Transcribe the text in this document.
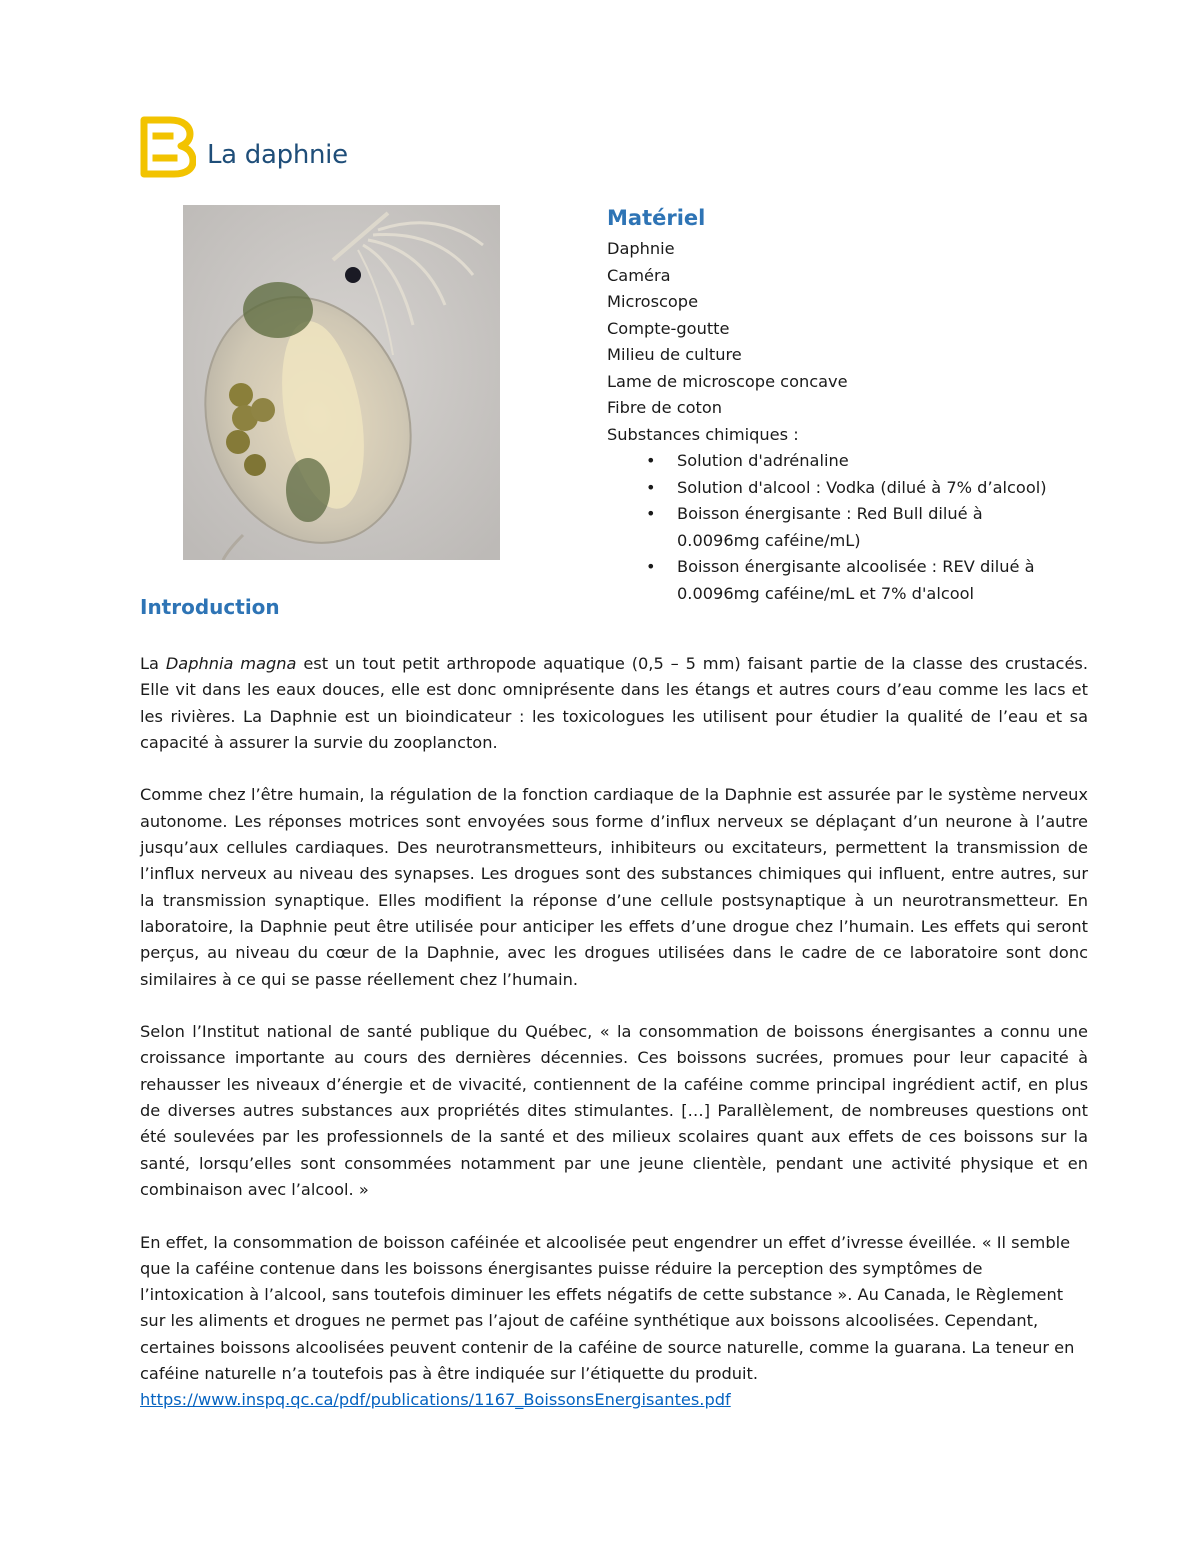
La daphnie
Matériel
Daphnie
Caméra
Microscope
Compte-goutte
Milieu de culture
Lame de microscope concave
Fibre de coton
Substances chimiques :
• Solution d'adrénaline
• Solution d'alcool : Vodka (dilué à 7% d’alcool)
• Boisson énergisante : Red Bull dilué à 0.0096mg caféine/mL)
• Boisson énergisante alcoolisée : REV dilué à 0.0096mg caféine/mL et 7% d'alcool
Introduction

La Daphnia magna est un tout petit arthropode aquatique (0,5 – 5 mm) faisant partie de la classe des crustacés. Elle vit dans les eaux douces, elle est donc omniprésente dans les étangs et autres cours d’eau comme les lacs et les rivières. La Daphnie est un bioindicateur : les toxicologues les utilisent pour étudier la qualité de l’eau et sa capacité à assurer la survie du zooplancton.

Comme chez l’être humain, la régulation de la fonction cardiaque de la Daphnie est assurée par le système nerveux autonome. Les réponses motrices sont envoyées sous forme d’influx nerveux se déplaçant d’un neurone à l’autre jusqu’aux cellules cardiaques. Des neurotransmetteurs, inhibiteurs ou excitateurs, permettent la transmission de l’influx nerveux au niveau des synapses. Les drogues sont des substances chimiques qui influent, entre autres, sur la transmission synaptique. Elles modifient la réponse d’une cellule postsynaptique à un neurotransmetteur. En laboratoire, la Daphnie peut être utilisée pour anticiper les effets d’une drogue chez l’humain. Les effets qui seront perçus, au niveau du cœur de la Daphnie, avec les drogues utilisées dans le cadre de ce laboratoire sont donc similaires à ce qui se passe réellement chez l’humain.

Selon l’Institut national de santé publique du Québec, « la consommation de boissons énergisantes a connu une croissance importante au cours des dernières décennies. Ces boissons sucrées, promues pour leur capacité à rehausser les niveaux d’énergie et de vivacité, contiennent de la caféine comme principal ingrédient actif, en plus de diverses autres substances aux propriétés dites stimulantes. […] Parallèlement, de nombreuses questions ont été soulevées par les professionnels de la santé et des milieux scolaires quant aux effets de ces boissons sur la santé, lorsqu’elles sont consommées notamment par une jeune clientèle, pendant une activité physique et en combinaison avec l’alcool. »

En effet, la consommation de boisson caféinée et alcoolisée peut engendrer un effet d’ivresse éveillée. « Il semble que la caféine contenue dans les boissons énergisantes puisse réduire la perception des symptômes de l’intoxication à l’alcool, sans toutefois diminuer les effets négatifs de cette substance ». Au Canada, le Règlement sur les aliments et drogues ne permet pas l’ajout de caféine synthétique aux boissons alcoolisées. Cependant, certaines boissons alcoolisées peuvent contenir de la caféine de source naturelle, comme la guarana. La teneur en caféine naturelle n’a toutefois pas à être indiquée sur l’étiquette du produit.  https://www.inspq.qc.ca/pdf/publications/1167_BoissonsEnergisantes.pdf
